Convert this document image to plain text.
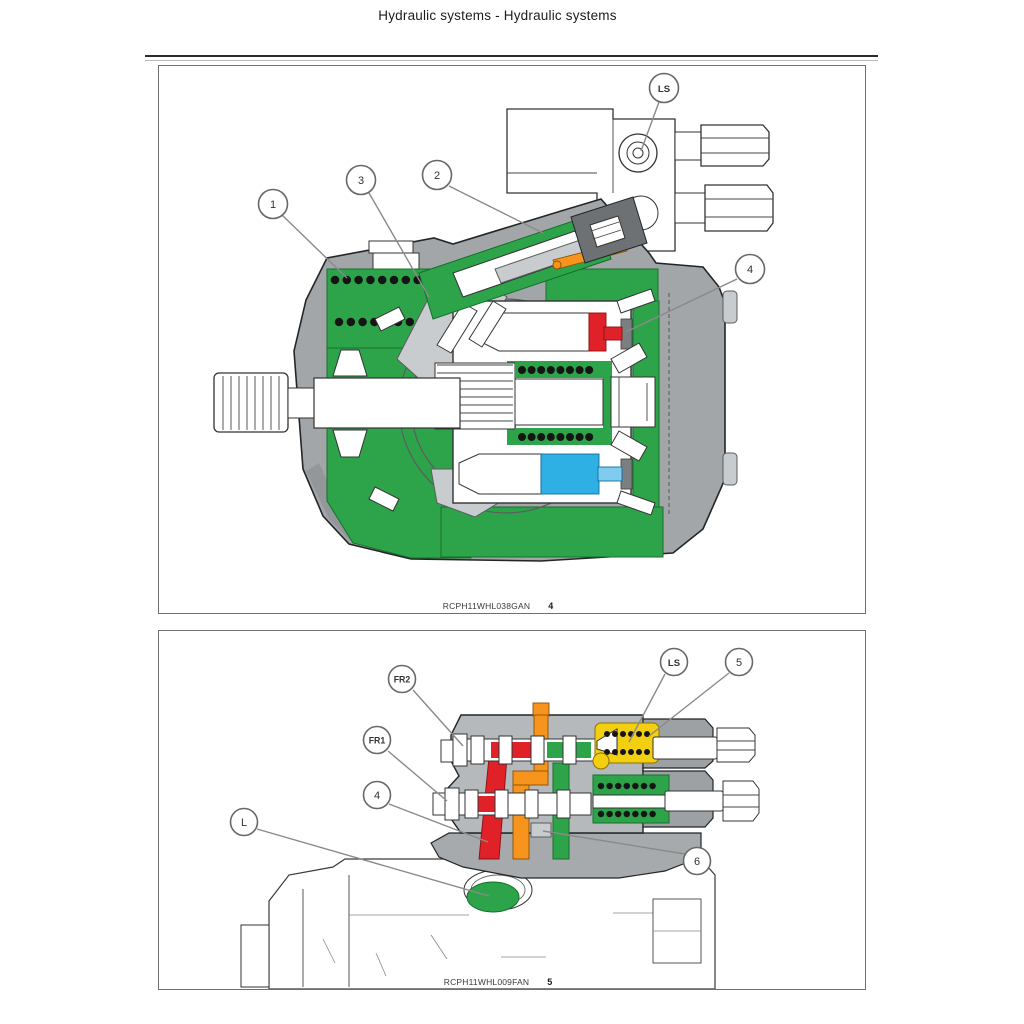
Hydraulic systems - Hydraulic systems
1
3	2
LS
4
RCPH11WHL038GAN 4
FR2
FR1
4
L
LS	5
6
RCPH11WHL009FAN 5
